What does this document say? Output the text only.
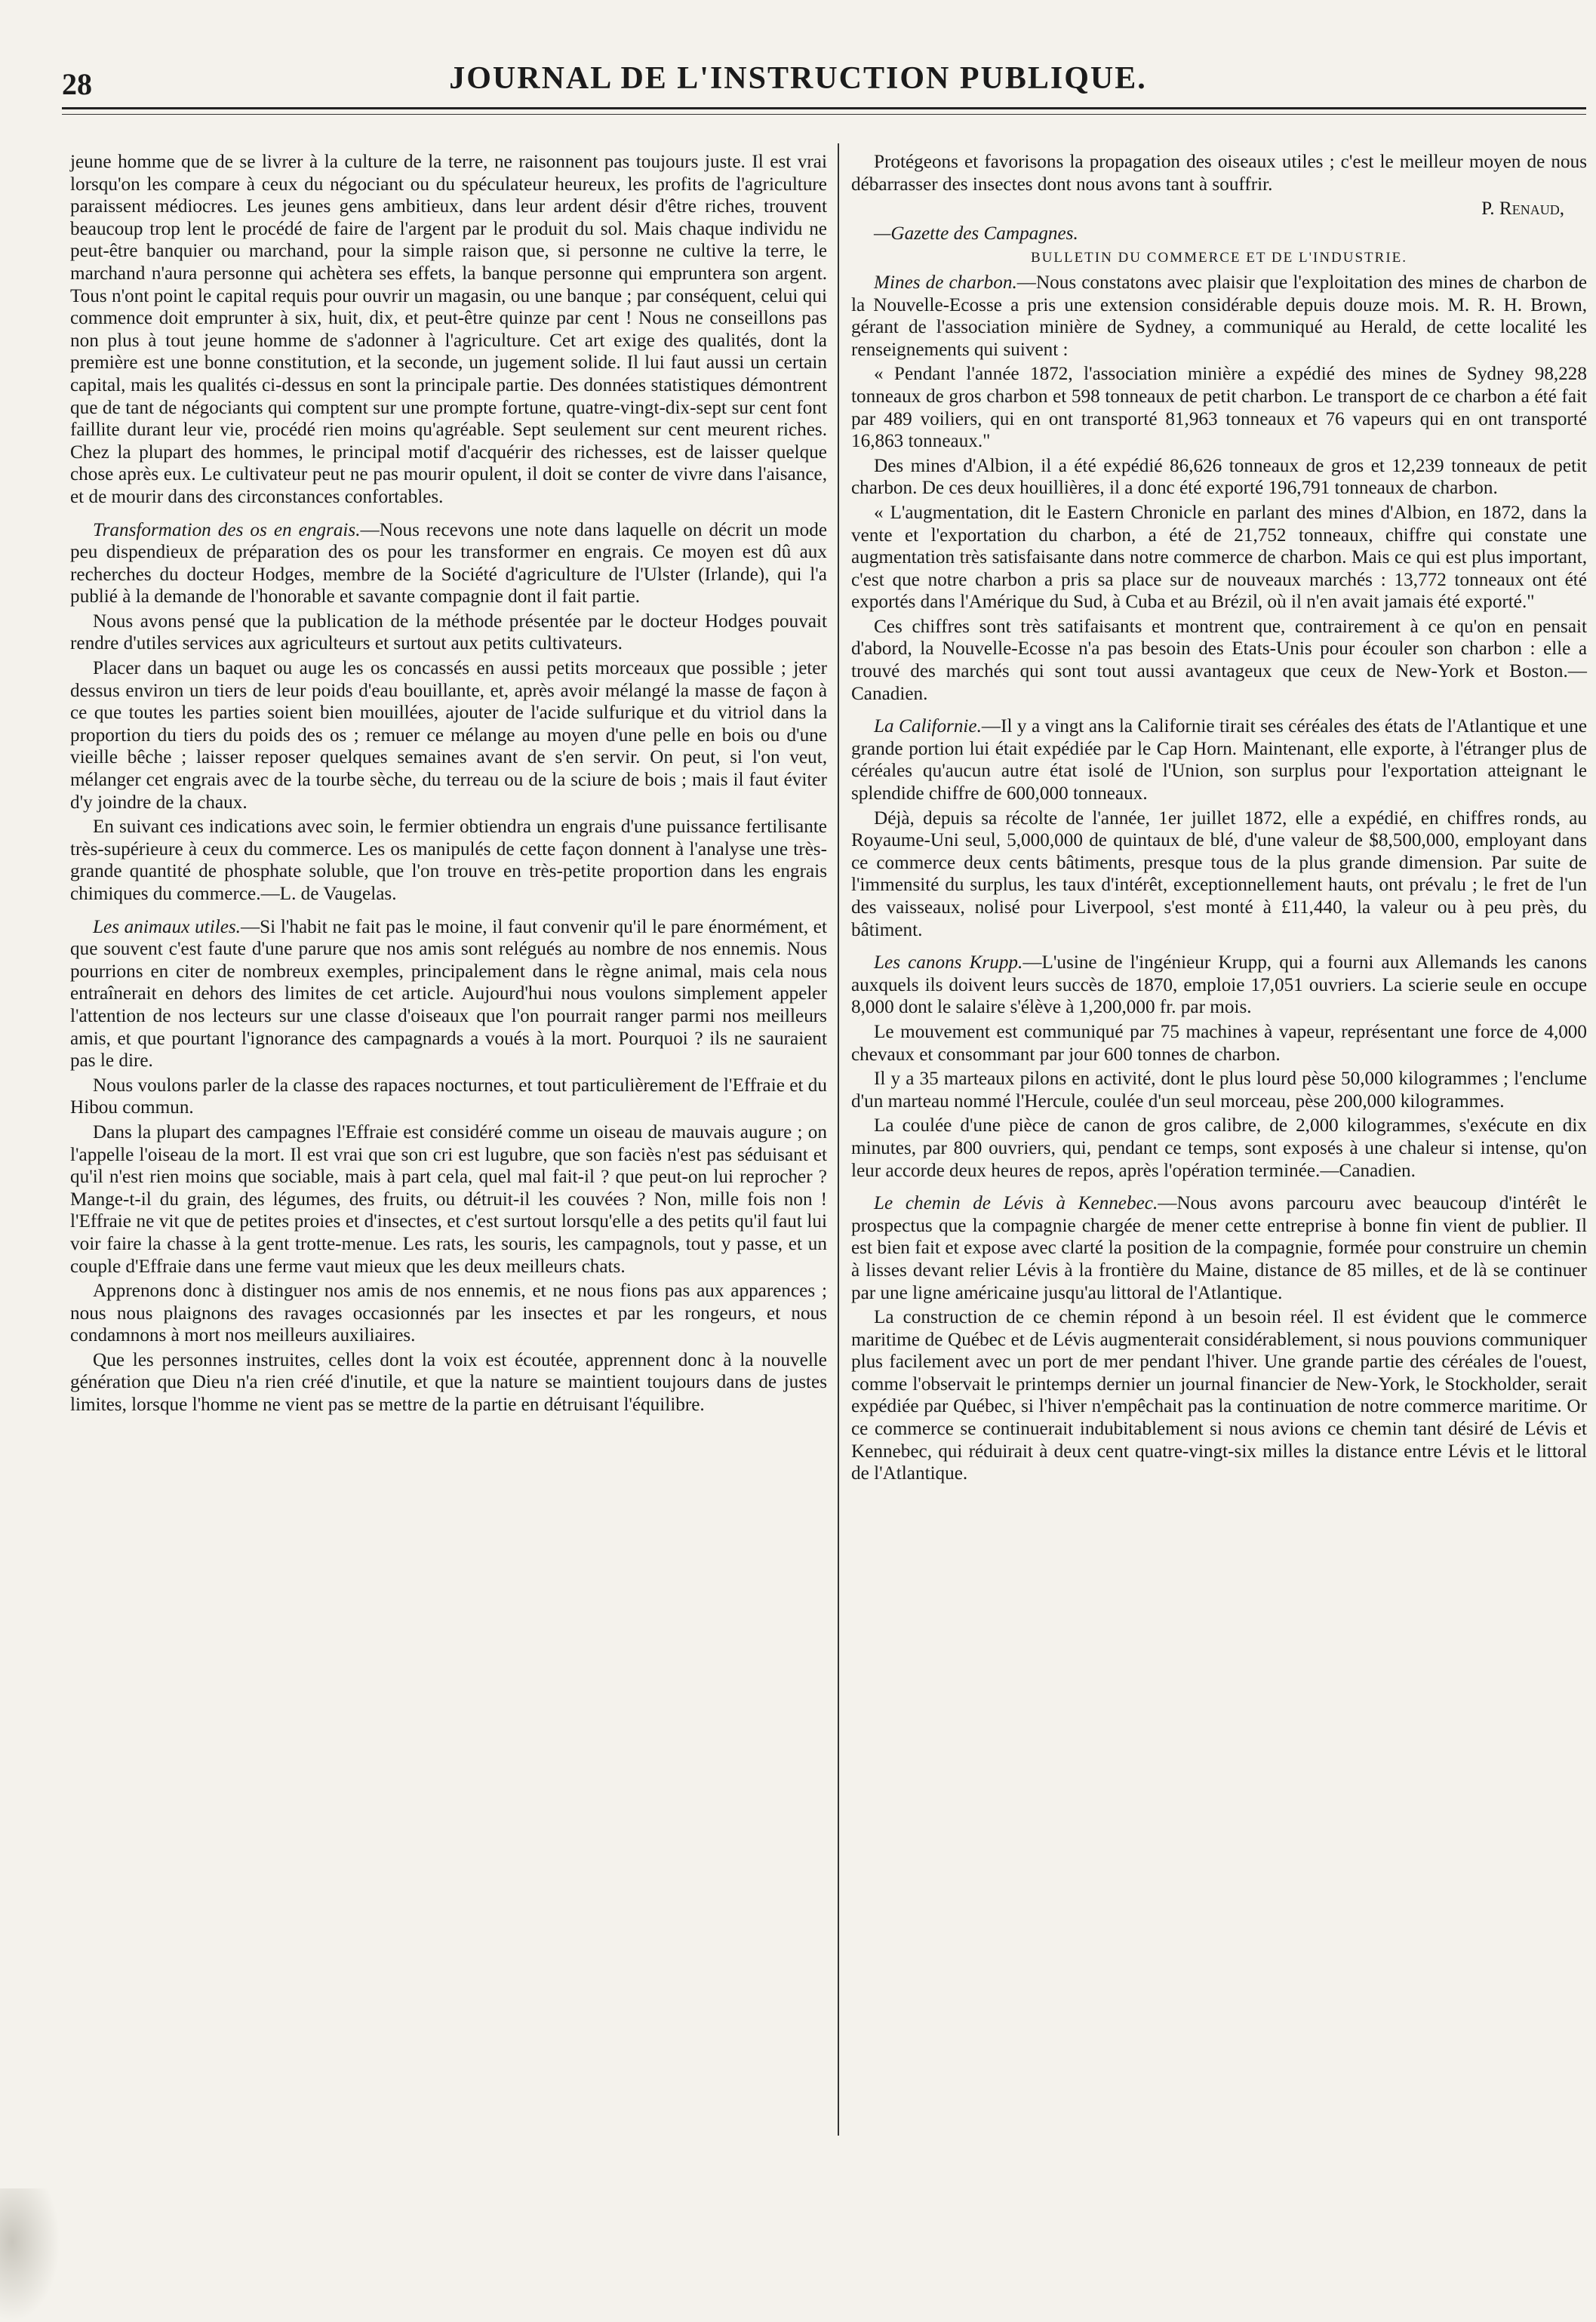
28	JOURNAL DE L'INSTRUCTION PUBLIQUE.

jeune homme que de se livrer à la culture de la terre, ne raisonnent pas toujours juste. Il est vrai lorsqu'on les compare à ceux du négociant ou du spéculateur heureux, les profits de l'agriculture paraissent médiocres. Les jeunes gens ambitieux, dans leur ardent désir d'être riches, trouvent beaucoup trop lent le procédé de faire de l'argent par le produit du sol. Mais chaque individu ne peut-être banquier ou marchand, pour la simple raison que, si personne ne cultive la terre, le marchand n'aura personne qui achètera ses effets, la banque personne qui empruntera son argent. Tous n'ont point le capital requis pour ouvrir un magasin, ou une banque ; par conséquent, celui qui commence doit emprunter à six, huit, dix, et peut-être quinze par cent ! Nous ne conseillons pas non plus à tout jeune homme de s'adonner à l'agriculture. Cet art exige des qualités, dont la première est une bonne constitution, et la seconde, un jugement solide. Il lui faut aussi un certain capital, mais les qualités ci-dessus en sont la principale partie. Des données statistiques démontrent que de tant de négociants qui comptent sur une prompte fortune, quatre-vingt-dix-sept sur cent font faillite durant leur vie, procédé rien moins qu'agréable. Sept seulement sur cent meurent riches. Chez la plupart des hommes, le principal motif d'acquérir des richesses, est de laisser quelque chose après eux. Le cultivateur peut ne pas mourir opulent, il doit se conter de vivre dans l'aisance, et de mourir dans des circonstances confortables.

Transformation des os en engrais.—Nous recevons une note dans laquelle on décrit un mode peu dispendieux de préparation des os pour les transformer en engrais. Ce moyen est dû aux recherches du docteur Hodges, membre de la Société d'agriculture de l'Ulster (Irlande), qui l'a publié à la demande de l'honorable et savante compagnie dont il fait partie.

Nous avons pensé que la publication de la méthode présentée par le docteur Hodges pouvait rendre d'utiles services aux agriculteurs et surtout aux petits cultivateurs.

Placer dans un baquet ou auge les os concassés en aussi petits morceaux que possible ; jeter dessus environ un tiers de leur poids d'eau bouillante, et, après avoir mélangé la masse de façon à ce que toutes les parties soient bien mouillées, ajouter de l'acide sulfurique et du vitriol dans la proportion du tiers du poids des os ; remuer ce mélange au moyen d'une pelle en bois ou d'une vieille bêche ; laisser reposer quelques semaines avant de s'en servir. On peut, si l'on veut, mélanger cet engrais avec de la tourbe sèche, du terreau ou de la sciure de bois ; mais il faut éviter d'y joindre de la chaux.

En suivant ces indications avec soin, le fermier obtiendra un engrais d'une puissance fertilisante très-supérieure à ceux du commerce. Les os manipulés de cette façon donnent à l'analyse une très-grande quantité de phosphate soluble, que l'on trouve en très-petite proportion dans les engrais chimiques du commerce.—L. de Vaugelas.

Les animaux utiles.—Si l'habit ne fait pas le moine, il faut convenir qu'il le pare énormément, et que souvent c'est faute d'une parure que nos amis sont relégués au nombre de nos ennemis. Nous pourrions en citer de nombreux exemples, principalement dans le règne animal, mais cela nous entraînerait en dehors des limites de cet article. Aujourd'hui nous voulons simplement appeler l'attention de nos lecteurs sur une classe d'oiseaux que l'on pourrait ranger parmi nos meilleurs amis, et que pourtant l'ignorance des campagnards a voués à la mort. Pourquoi ? ils ne sauraient pas le dire.

Nous voulons parler de la classe des rapaces nocturnes, et tout particulièrement de l'Effraie et du Hibou commun.

Dans la plupart des campagnes l'Effraie est considéré comme un oiseau de mauvais augure ; on l'appelle l'oiseau de la mort. Il est vrai que son cri est lugubre, que son faciès n'est pas séduisant et qu'il n'est rien moins que sociable, mais à part cela, quel mal fait-il ? que peut-on lui reprocher ? Mange-t-il du grain, des légumes, des fruits, ou détruit-il les couvées ? Non, mille fois non ! l'Effraie ne vit que de petites proies et d'insectes, et c'est surtout lorsqu'elle a des petits qu'il faut lui voir faire la chasse à la gent trotte-menue. Les rats, les souris, les campagnols, tout y passe, et un couple d'Effraie dans une ferme vaut mieux que les deux meilleurs chats.

Apprenons donc à distinguer nos amis de nos ennemis, et ne nous fions pas aux apparences ; nous nous plaignons des ravages occasionnés par les insectes et par les rongeurs, et nous condamnons à mort nos meilleurs auxiliaires.

Que les personnes instruites, celles dont la voix est écoutée, apprennent donc à la nouvelle génération que Dieu n'a rien créé d'inutile, et que la nature se maintient toujours dans de justes limites, lorsque l'homme ne vient pas se mettre de la partie en détruisant l'équilibre.

Protégeons et favorisons la propagation des oiseaux utiles ; c'est le meilleur moyen de nous débarrasser des insectes dont nous avons tant à souffrir.

P. Renaud,

—Gazette des Campagnes.

BULLETIN DU COMMERCE ET DE L'INDUSTRIE.

Mines de charbon.—Nous constatons avec plaisir que l'exploitation des mines de charbon de la Nouvelle-Ecosse a pris une extension considérable depuis douze mois. M. R. H. Brown, gérant de l'association minière de Sydney, a communiqué au Herald, de cette localité les renseignements qui suivent :

« Pendant l'année 1872, l'association minière a expédié des mines de Sydney 98,228 tonneaux de gros charbon et 598 tonneaux de petit charbon. Le transport de ce charbon a été fait par 489 voiliers, qui en ont transporté 81,963 tonneaux et 76 vapeurs qui en ont transporté 16,863 tonneaux."

Des mines d'Albion, il a été expédié 86,626 tonneaux de gros et 12,239 tonneaux de petit charbon. De ces deux houillières, il a donc été exporté 196,791 tonneaux de charbon.

« L'augmentation, dit le Eastern Chronicle en parlant des mines d'Albion, en 1872, dans la vente et l'exportation du charbon, a été de 21,752 tonneaux, chiffre qui constate une augmentation très satisfaisante dans notre commerce de charbon. Mais ce qui est plus important, c'est que notre charbon a pris sa place sur de nouveaux marchés : 13,772 tonneaux ont été exportés dans l'Amérique du Sud, à Cuba et au Brézil, où il n'en avait jamais été exporté."

Ces chiffres sont très satifaisants et montrent que, contrairement à ce qu'on en pensait d'abord, la Nouvelle-Ecosse n'a pas besoin des Etats-Unis pour écouler son charbon : elle a trouvé des marchés qui sont tout aussi avantageux que ceux de New-York et Boston.—Canadien.

La Californie.—Il y a vingt ans la Californie tirait ses céréales des états de l'Atlantique et une grande portion lui était expédiée par le Cap Horn. Maintenant, elle exporte, à l'étranger plus de céréales qu'aucun autre état isolé de l'Union, son surplus pour l'exportation atteignant le splendide chiffre de 600,000 tonneaux.

Déjà, depuis sa récolte de l'année, 1er juillet 1872, elle a expédié, en chiffres ronds, au Royaume-Uni seul, 5,000,000 de quintaux de blé, d'une valeur de $8,500,000, employant dans ce commerce deux cents bâtiments, presque tous de la plus grande dimension. Par suite de l'immensité du surplus, les taux d'intérêt, exceptionnellement hauts, ont prévalu ; le fret de l'un des vaisseaux, nolisé pour Liverpool, s'est monté à £11,440, la valeur ou à peu près, du bâtiment.

Les canons Krupp.—L'usine de l'ingénieur Krupp, qui a fourni aux Allemands les canons auxquels ils doivent leurs succès de 1870, emploie 17,051 ouvriers. La scierie seule en occupe 8,000 dont le salaire s'élève à 1,200,000 fr. par mois.

Le mouvement est communiqué par 75 machines à vapeur, représentant une force de 4,000 chevaux et consommant par jour 600 tonnes de charbon.

Il y a 35 marteaux pilons en activité, dont le plus lourd pèse 50,000 kilogrammes ; l'enclume d'un marteau nommé l'Hercule, coulée d'un seul morceau, pèse 200,000 kilogrammes.

La coulée d'une pièce de canon de gros calibre, de 2,000 kilogrammes, s'exécute en dix minutes, par 800 ouvriers, qui, pendant ce temps, sont exposés à une chaleur si intense, qu'on leur accorde deux heures de repos, après l'opération terminée.—Canadien.

Le chemin de Lévis à Kennebec.—Nous avons parcouru avec beaucoup d'intérêt le prospectus que la compagnie chargée de mener cette entreprise à bonne fin vient de publier. Il est bien fait et expose avec clarté la position de la compagnie, formée pour construire un chemin à lisses devant relier Lévis à la frontière du Maine, distance de 85 milles, et de là se continuer par une ligne américaine jusqu'au littoral de l'Atlantique.

La construction de ce chemin répond à un besoin réel. Il est évident que le commerce maritime de Québec et de Lévis augmenterait considérablement, si nous pouvions communiquer plus facilement avec un port de mer pendant l'hiver. Une grande partie des céréales de l'ouest, comme l'observait le printemps dernier un journal financier de New-York, le Stockholder, serait expédiée par Québec, si l'hiver n'empêchait pas la continuation de notre commerce maritime. Or ce commerce se continuerait indubitablement si nous avions ce chemin tant désiré de Lévis et Kennebec, qui réduirait à deux cent quatre-vingt-six milles la distance entre Lévis et le littoral de l'Atlantique.
